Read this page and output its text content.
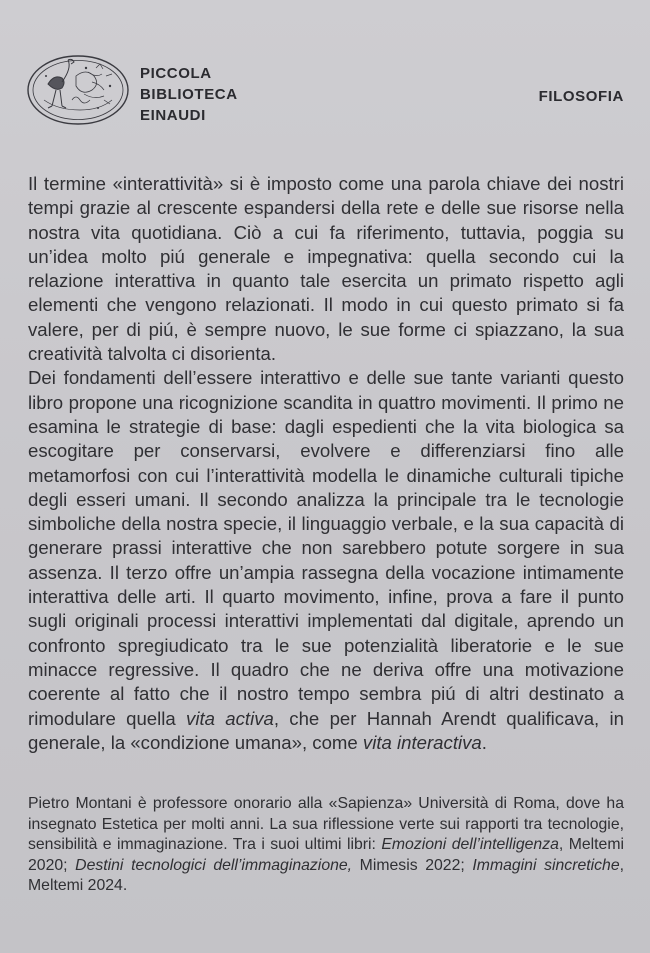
PICCOLA
BIBLIOTECA
EINAUDI
FILOSOFIA

Il termine «interattività» si è imposto come una parola chiave dei nostri tempi grazie al crescente espandersi della rete e delle sue risorse nella nostra vita quotidiana. Ciò a cui fa riferimento, tuttavia, poggia su un’idea molto piú generale e impegnativa: quella secondo cui la relazione interattiva in quanto tale esercita un primato rispetto agli elementi che vengono relazionati. Il modo in cui questo primato si fa valere, per di piú, è sempre nuovo, le sue forme ci spiazzano, la sua creatività talvolta ci disorienta.

Dei fondamenti dell’essere interattivo e delle sue tante varianti questo libro propone una ricognizione scandita in quattro movimenti. Il primo ne esamina le strategie di base: dagli espedienti che la vita biologica sa escogitare per conservarsi, evolvere e differenziarsi fino alle metamorfosi con cui l’interattività modella le dinamiche culturali tipiche degli esseri umani. Il secondo analizza la principale tra le tecnologie simboliche della nostra specie, il linguaggio verbale, e la sua capacità di generare prassi interattive che non sarebbero potute sorgere in sua assenza. Il terzo offre un’ampia rassegna della vocazione intimamente interattiva delle arti. Il quarto movimento, infine, prova a fare il punto sugli originali processi interattivi implementati dal digitale, aprendo un confronto spregiudicato tra le sue potenzialità liberatorie e le sue minacce regressive. Il quadro che ne deriva offre una motivazione coerente al fatto che il nostro tempo sembra piú di altri destinato a rimodulare quella vita activa, che per Hannah Arendt qualificava, in generale, la «condizione umana», come vita interactiva.

Pietro Montani è professore onorario alla «Sapienza» Università di Roma, dove ha insegnato Estetica per molti anni. La sua riflessione verte sui rapporti tra tecnologie, sensibilità e immaginazione. Tra i suoi ultimi libri: Emozioni dell’intelligenza, Meltemi 2020; Destini tecnologici dell’immaginazione, Mimesis 2022; Immagini sincretiche, Meltemi 2024.
